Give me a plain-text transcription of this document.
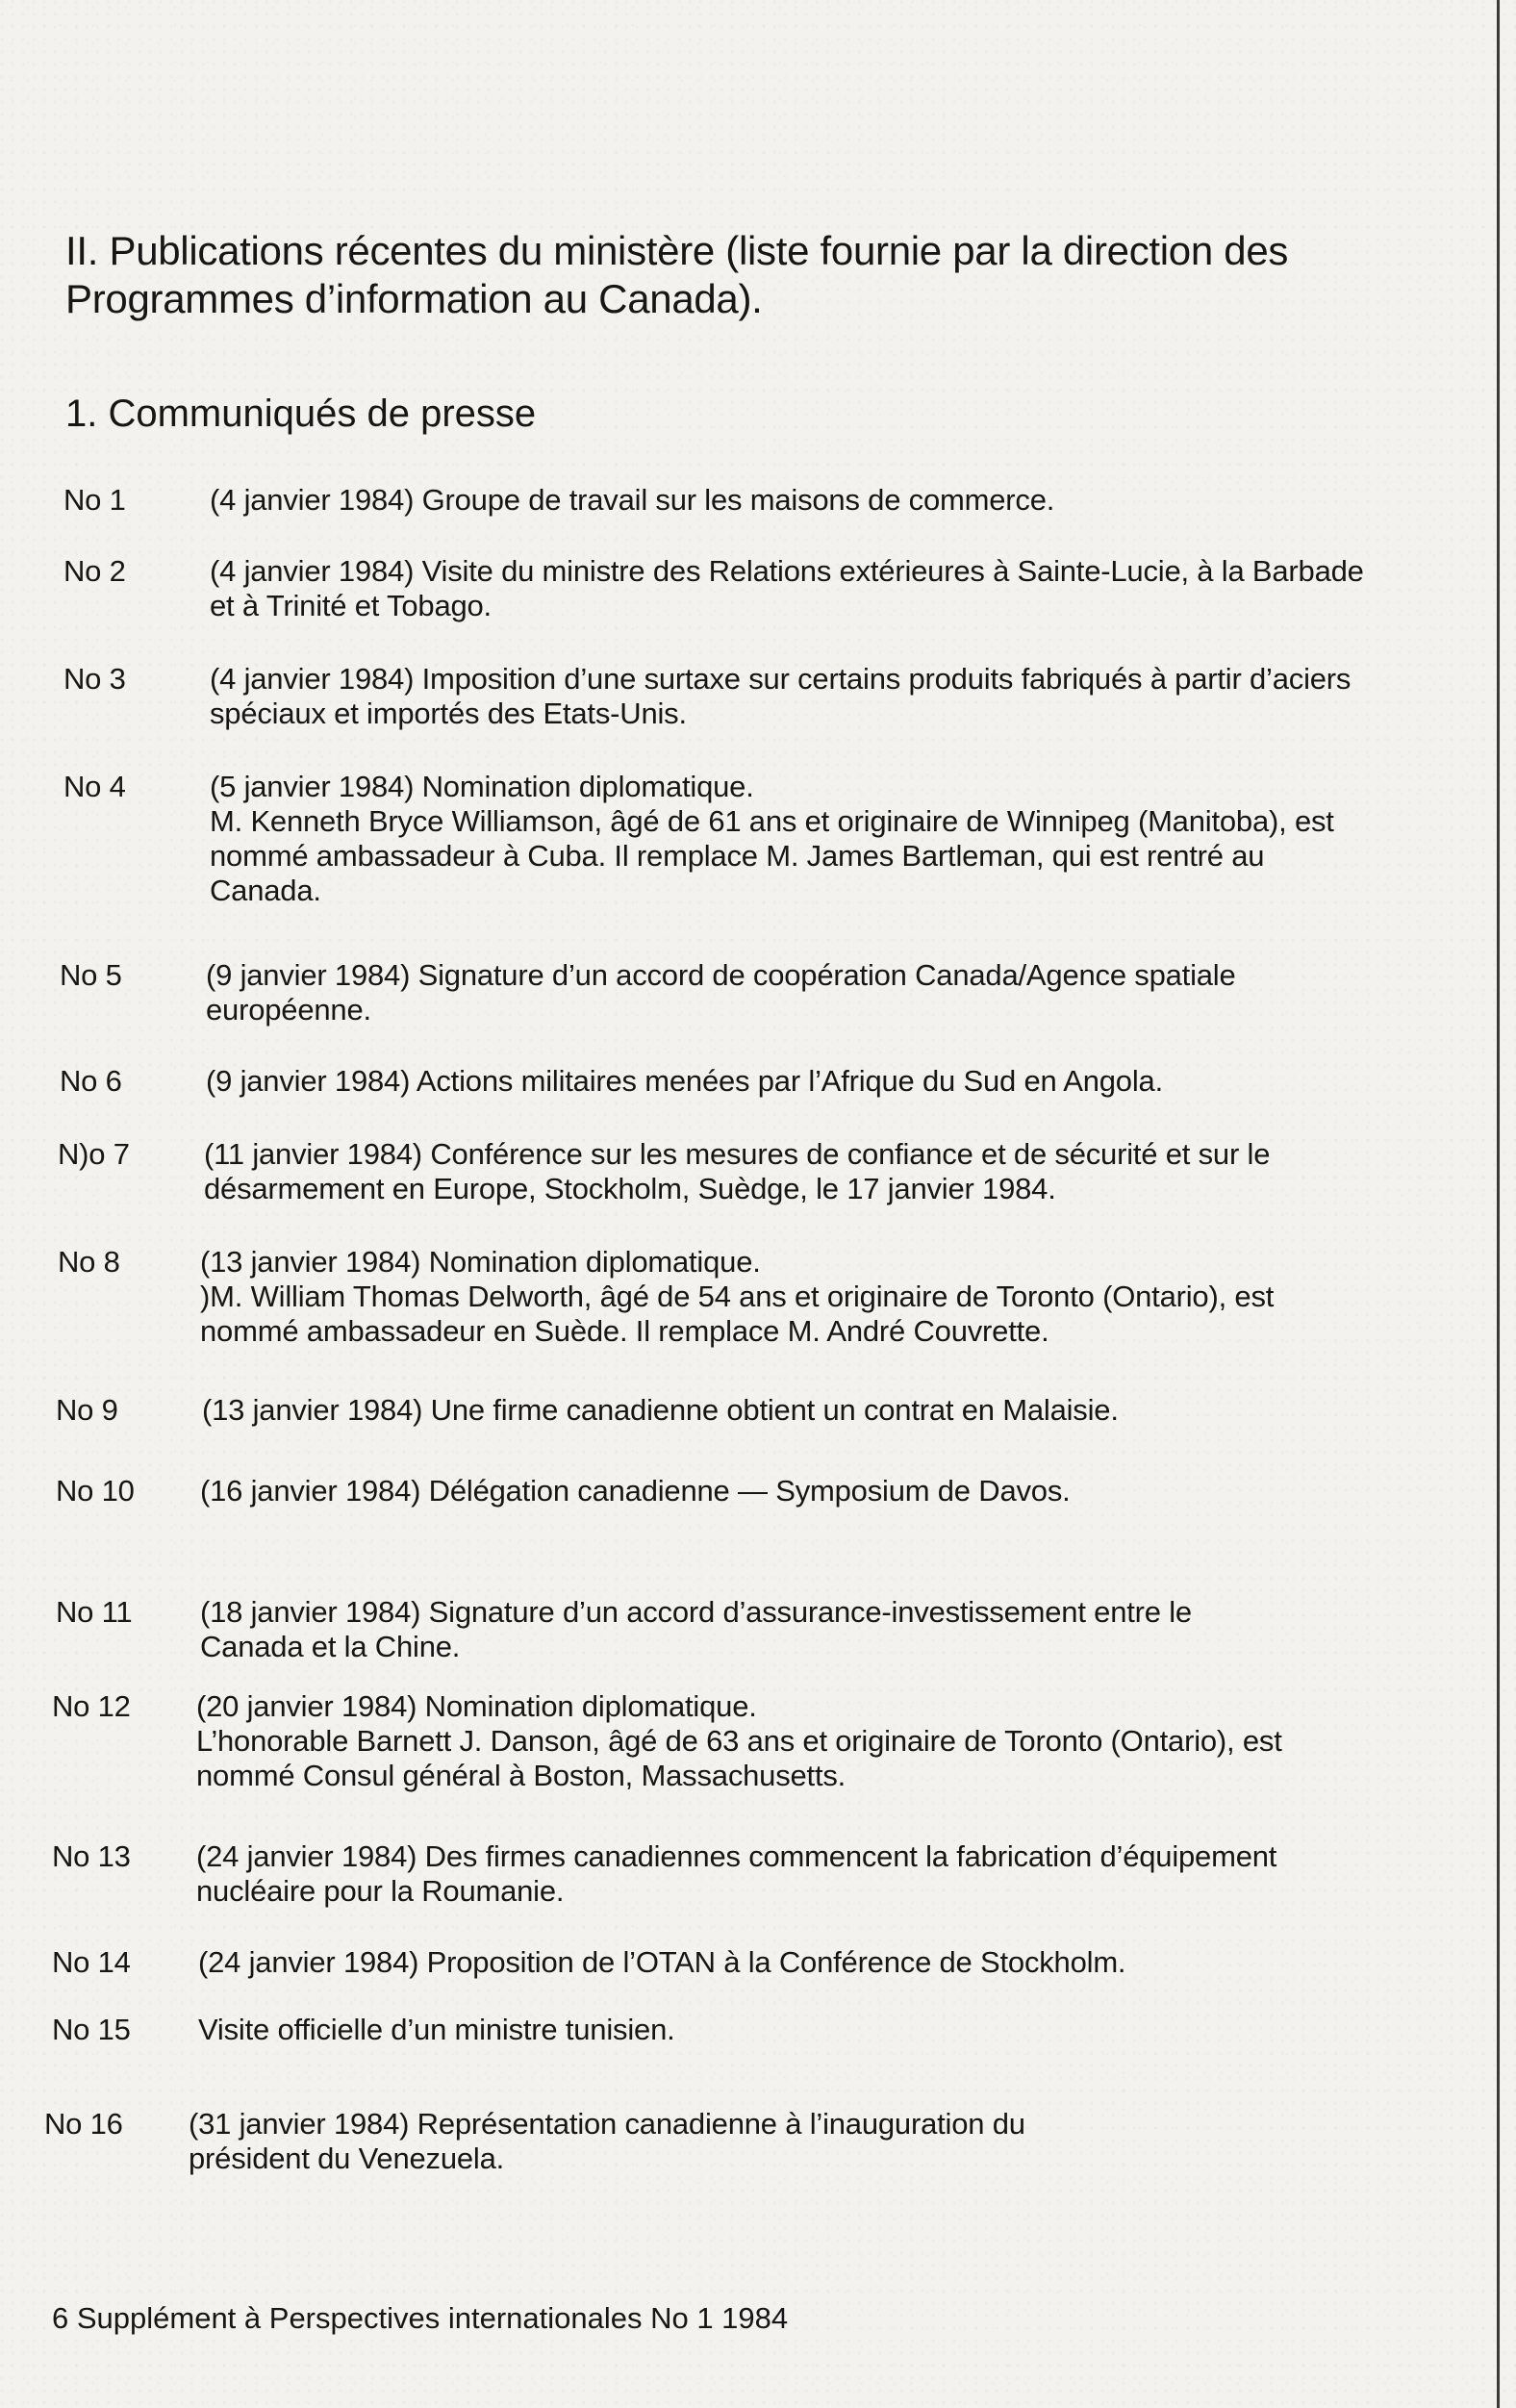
II. Publications récentes du ministère (liste fournie par la direction des Programmes d’information au Canada).
1. Communiqués de presse
No 1	(4 janvier 1984) Groupe de travail sur les maisons de commerce.
No 2	(4 janvier 1984) Visite du ministre des Relations extérieures à Sainte-Lucie, à la Barbade et à Trinité et Tobago.
No 3	(4 janvier 1984) Imposition d’une surtaxe sur certains produits fabriqués à partir d’aciers spéciaux et importés des Etats-Unis.
No 4	(5 janvier 1984) Nomination diplomatique.
M. Kenneth Bryce Williamson, âgé de 61 ans et originaire de Winnipeg (Manitoba), est nommé ambassadeur à Cuba. Il remplace M. James Bartleman, qui est rentré au Canada.
No 5	(9 janvier 1984) Signature d’un accord de coopération Canada/Agence spatiale européenne.
No 6	(9 janvier 1984) Actions militaires menées par l’Afrique du Sud en Angola.
N)o 7 (11 janvier 1984) Conférence sur les mesures de confiance et de sécurité et sur le désarmement en Europe, Stockholm, Suèdge, le 17 janvier 1984.
No 8	(13 janvier 1984) Nomination diplomatique.
)M. William Thomas Delworth, âgé de 54 ans et originaire de Toronto (Ontario), est nommé ambassadeur en Suède. Il remplace M. André Couvrette.
No 9	(13 janvier 1984) Une firme canadienne obtient un contrat en Malaisie.
No 10 (16 janvier 1984) Délégation canadienne — Symposium de Davos.
No 11 (18 janvier 1984) Signature d’un accord d’assurance-investissement entre le Canada et la Chine.
No 12 (20 janvier 1984) Nomination diplomatique.
L’honorable Barnett J. Danson, âgé de 63 ans et originaire de Toronto (Ontario), est nommé Consul général à Boston, Massachusetts.
No 13 (24 janvier 1984) Des firmes canadiennes commencent la fabrication d’équipement nucléaire pour la Roumanie.
No 14 (24 janvier 1984) Proposition de l’OTAN à la Conférence de Stockholm.
No 15 Visite officielle d’un ministre tunisien.
No 16 (31 janvier 1984) Représentation canadienne à l’inauguration du président du Venezuela.
6 Supplément à Perspectives internationales No 1 1984
